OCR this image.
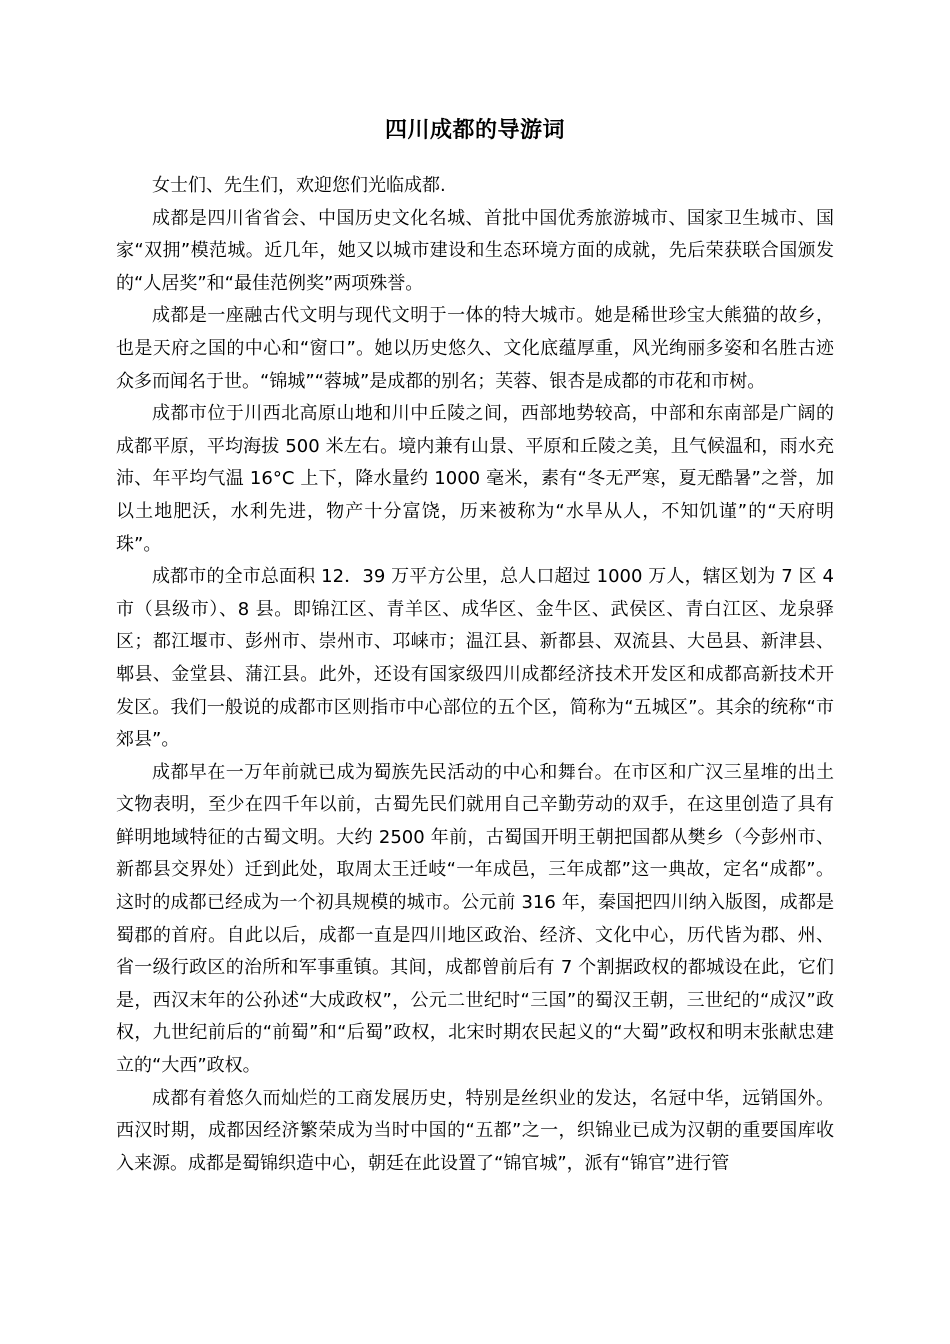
四川成都的导游词

女士们、先生们，欢迎您们光临成都.

成都是四川省省会、中国历史文化名城、首批中国优秀旅游城市、国家卫生城市、国家“双拥”模范城。近几年，她又以城市建设和生态环境方面的成就，先后荣获联合国颁发的“人居奖”和“最佳范例奖”两项殊誉。

成都是一座融古代文明与现代文明于一体的特大城市。她是稀世珍宝大熊猫的故乡，也是天府之国的中心和“窗口”。她以历史悠久、文化底蕴厚重，风光绚丽多姿和名胜古迹众多而闻名于世。“锦城”“蓉城”是成都的别名；芙蓉、银杏是成都的市花和市树。

成都市位于川西北高原山地和川中丘陵之间，西部地势较高，中部和东南部是广阔的成都平原，平均海拔 500 米左右。境内兼有山景、平原和丘陵之美，且气候温和，雨水充沛、年平均气温 16°C 上下，降水量约 1000 毫米，素有“冬无严寒，夏无酷暑”之誉，加以土地肥沃，水利先进，物产十分富饶，历来被称为“水旱从人，不知饥谨”的“天府明珠”。

成都市的全市总面积 12．39 万平方公里，总人口超过 1000 万人，辖区划为 7 区 4 市（县级市）、8 县。即锦江区、青羊区、成华区、金牛区、武侯区、青白江区、龙泉驿区；都江堰市、彭州市、崇州市、邛崃市；温江县、新都县、双流县、大邑县、新津县、郫县、金堂县、蒲江县。此外，还设有国家级四川成都经济技术开发区和成都高新技术开发区。我们一般说的成都市区则指市中心部位的五个区，简称为“五城区”。其余的统称“市郊县”。

成都早在一万年前就已成为蜀族先民活动的中心和舞台。在市区和广汉三星堆的出土文物表明，至少在四千年以前，古蜀先民们就用自己辛勤劳动的双手，在这里创造了具有鲜明地域特征的古蜀文明。大约 2500 年前，古蜀国开明王朝把国都从樊乡（今彭州市、新都县交界处）迁到此处，取周太王迁岐“一年成邑，三年成都”这一典故，定名“成都”。这时的成都已经成为一个初具规模的城市。公元前 316 年，秦国把四川纳入版图，成都是蜀郡的首府。自此以后，成都一直是四川地区政治、经济、文化中心，历代皆为郡、州、省一级行政区的治所和军事重镇。其间，成都曾前后有 7 个割据政权的都城设在此，它们是，西汉末年的公孙述“大成政权”，公元二世纪时“三国”的蜀汉王朝，三世纪的“成汉”政权，九世纪前后的“前蜀”和“后蜀”政权，北宋时期农民起义的“大蜀”政权和明末张献忠建立的“大西”政权。

成都有着悠久而灿烂的工商发展历史，特别是丝织业的发达，名冠中华，远销国外。西汉时期，成都因经济繁荣成为当时中国的“五都”之一，织锦业已成为汉朝的重要国库收入来源。成都是蜀锦织造中心，朝廷在此设置了“锦官城”，派有“锦官”进行管
